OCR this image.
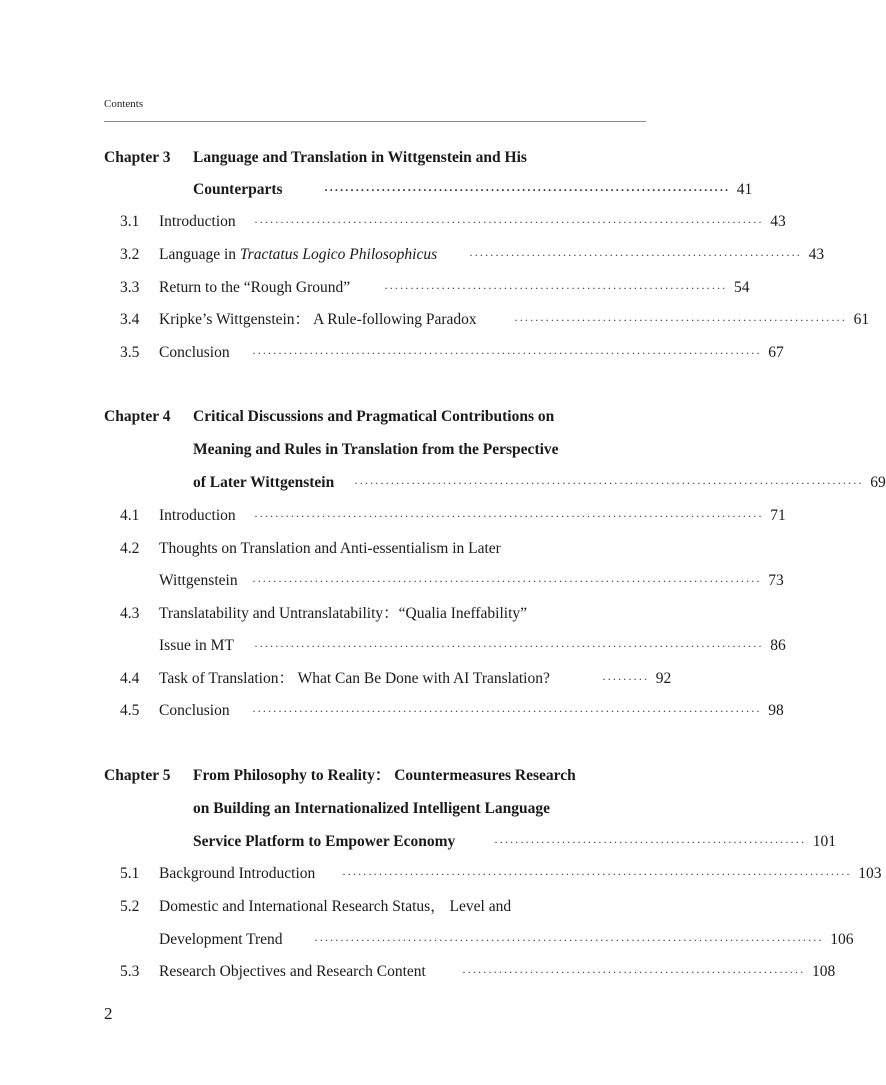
Contents
Chapter 3 Language and Translation in Wittgenstein and His
Counterparts	·············································································· 41
3.1 Introduction ·································································································· 43
3.2 Language in Tractatus Logico Philosophicus	································································ 43
3.3 Return to the “Rough Ground”	·································································· 54
3.4 Kripke’s Wittgenstein： A Rule-following Paradox	································································ 61
3.5 Conclusion ·································································································· 67
Chapter 4 Critical Discussions and Pragmatical Contributions on
Meaning and Rules in Translation from the Perspective
of Later Wittgenstein ·································································································· 69
4.1 Introduction ·································································································· 71
4.2 Thoughts on Translation and Anti-essentialism in Later
Wittgenstein ·································································································· 73
4.3 Translatability and Untranslatability：“Qualia Ineffability”
Issue in MT ·································································································· 86
4.4 Task of Translation： What Can Be Done with AI Translation?	········· 92
4.5 Conclusion ·································································································· 98
Chapter 5 From Philosophy to Reality： Countermeasures Research
on Building an Internationalized Intelligent Language
Service Platform to Empower Economy	···························································· 101
5.1 Background Introduction ·································································································· 103
5.2 Domestic and International Research Status， Level and
Development Trend	·································································································· 106
5.3 Research Objectives and Research Content	·································································· 108
2
